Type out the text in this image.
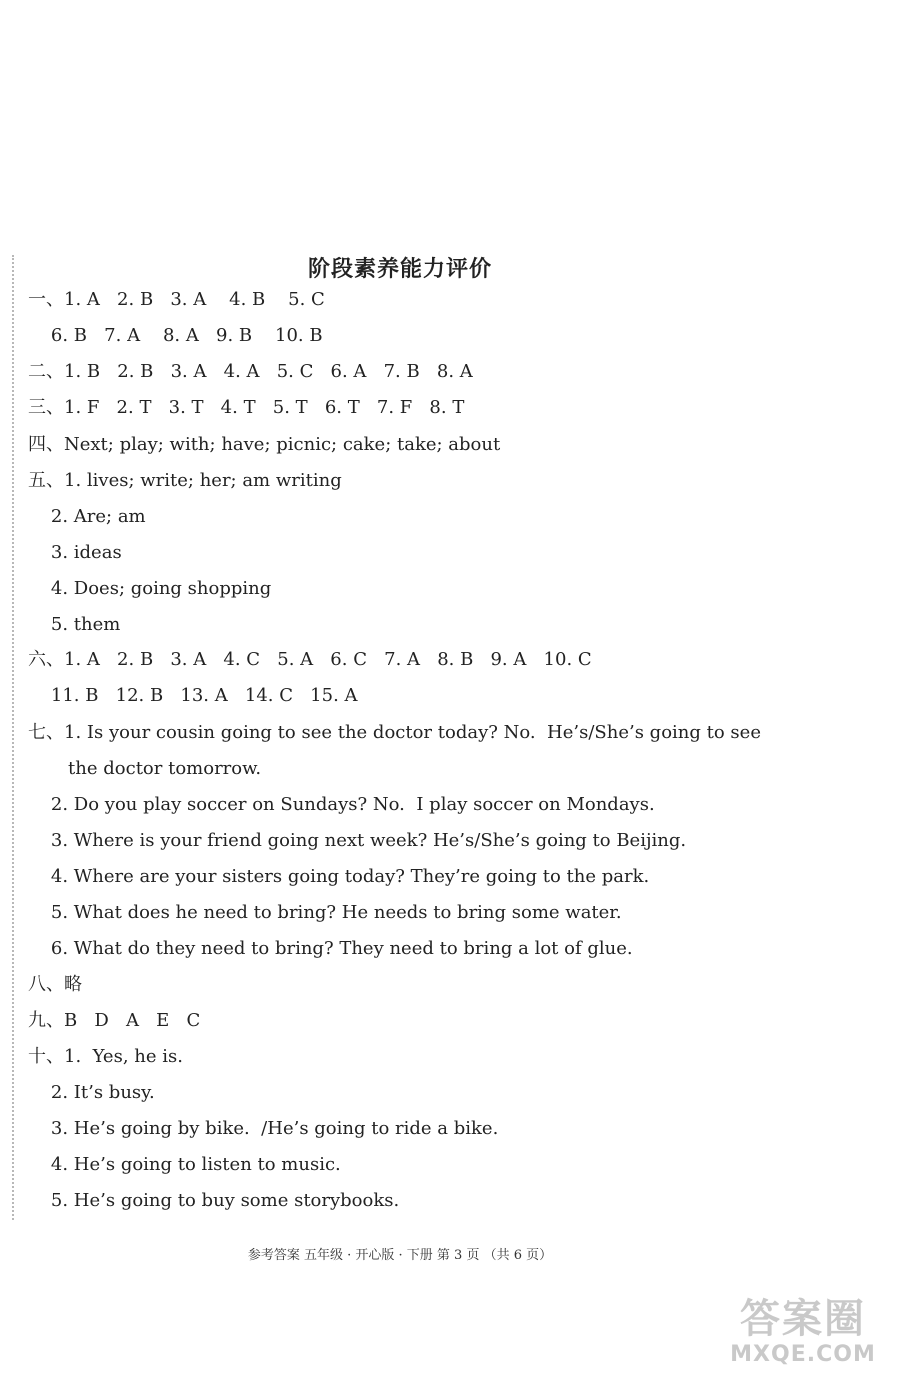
阶段素养能力评价
一、1. A   2. B   3. A    4. B    5. C
6. B   7. A    8. A   9. B    10. B
二、1. B   2. B   3. A   4. A   5. C   6. A   7. B   8. A
三、1. F   2. T   3. T   4. T   5. T   6. T   7. F   8. T
四、Next; play; with; have; picnic; cake; take; about
五、1. lives; write; her; am writing
2. Are; am
3. ideas
4. Does; going shopping
5. them
六、1. A   2. B   3. A   4. C   5. A   6. C   7. A   8. B   9. A   10. C
11. B   12. B   13. A   14. C   15. A
七、1. Is your cousin going to see the doctor today? No.  He’s/She’s going to see
the doctor tomorrow.
2. Do you play soccer on Sundays? No.  I play soccer on Mondays.
3. Where is your friend going next week? He’s/She’s going to Beijing.
4. Where are your sisters going today? They’re going to the park.
5. What does he need to bring? He needs to bring some water.
6. What do they need to bring? They need to bring a lot of glue.
八、略
九、B   D   A   E   C
十、1.  Yes, he is.
2. It’s busy.
3. He’s going by bike.  /He’s going to ride a bike.
4. He’s going to listen to music.
5. He’s going to buy some storybooks.
参考答案 五年级 · 开心版 · 下册 第 3 页 （共 6 页）
答案圈
MXQE.COM
